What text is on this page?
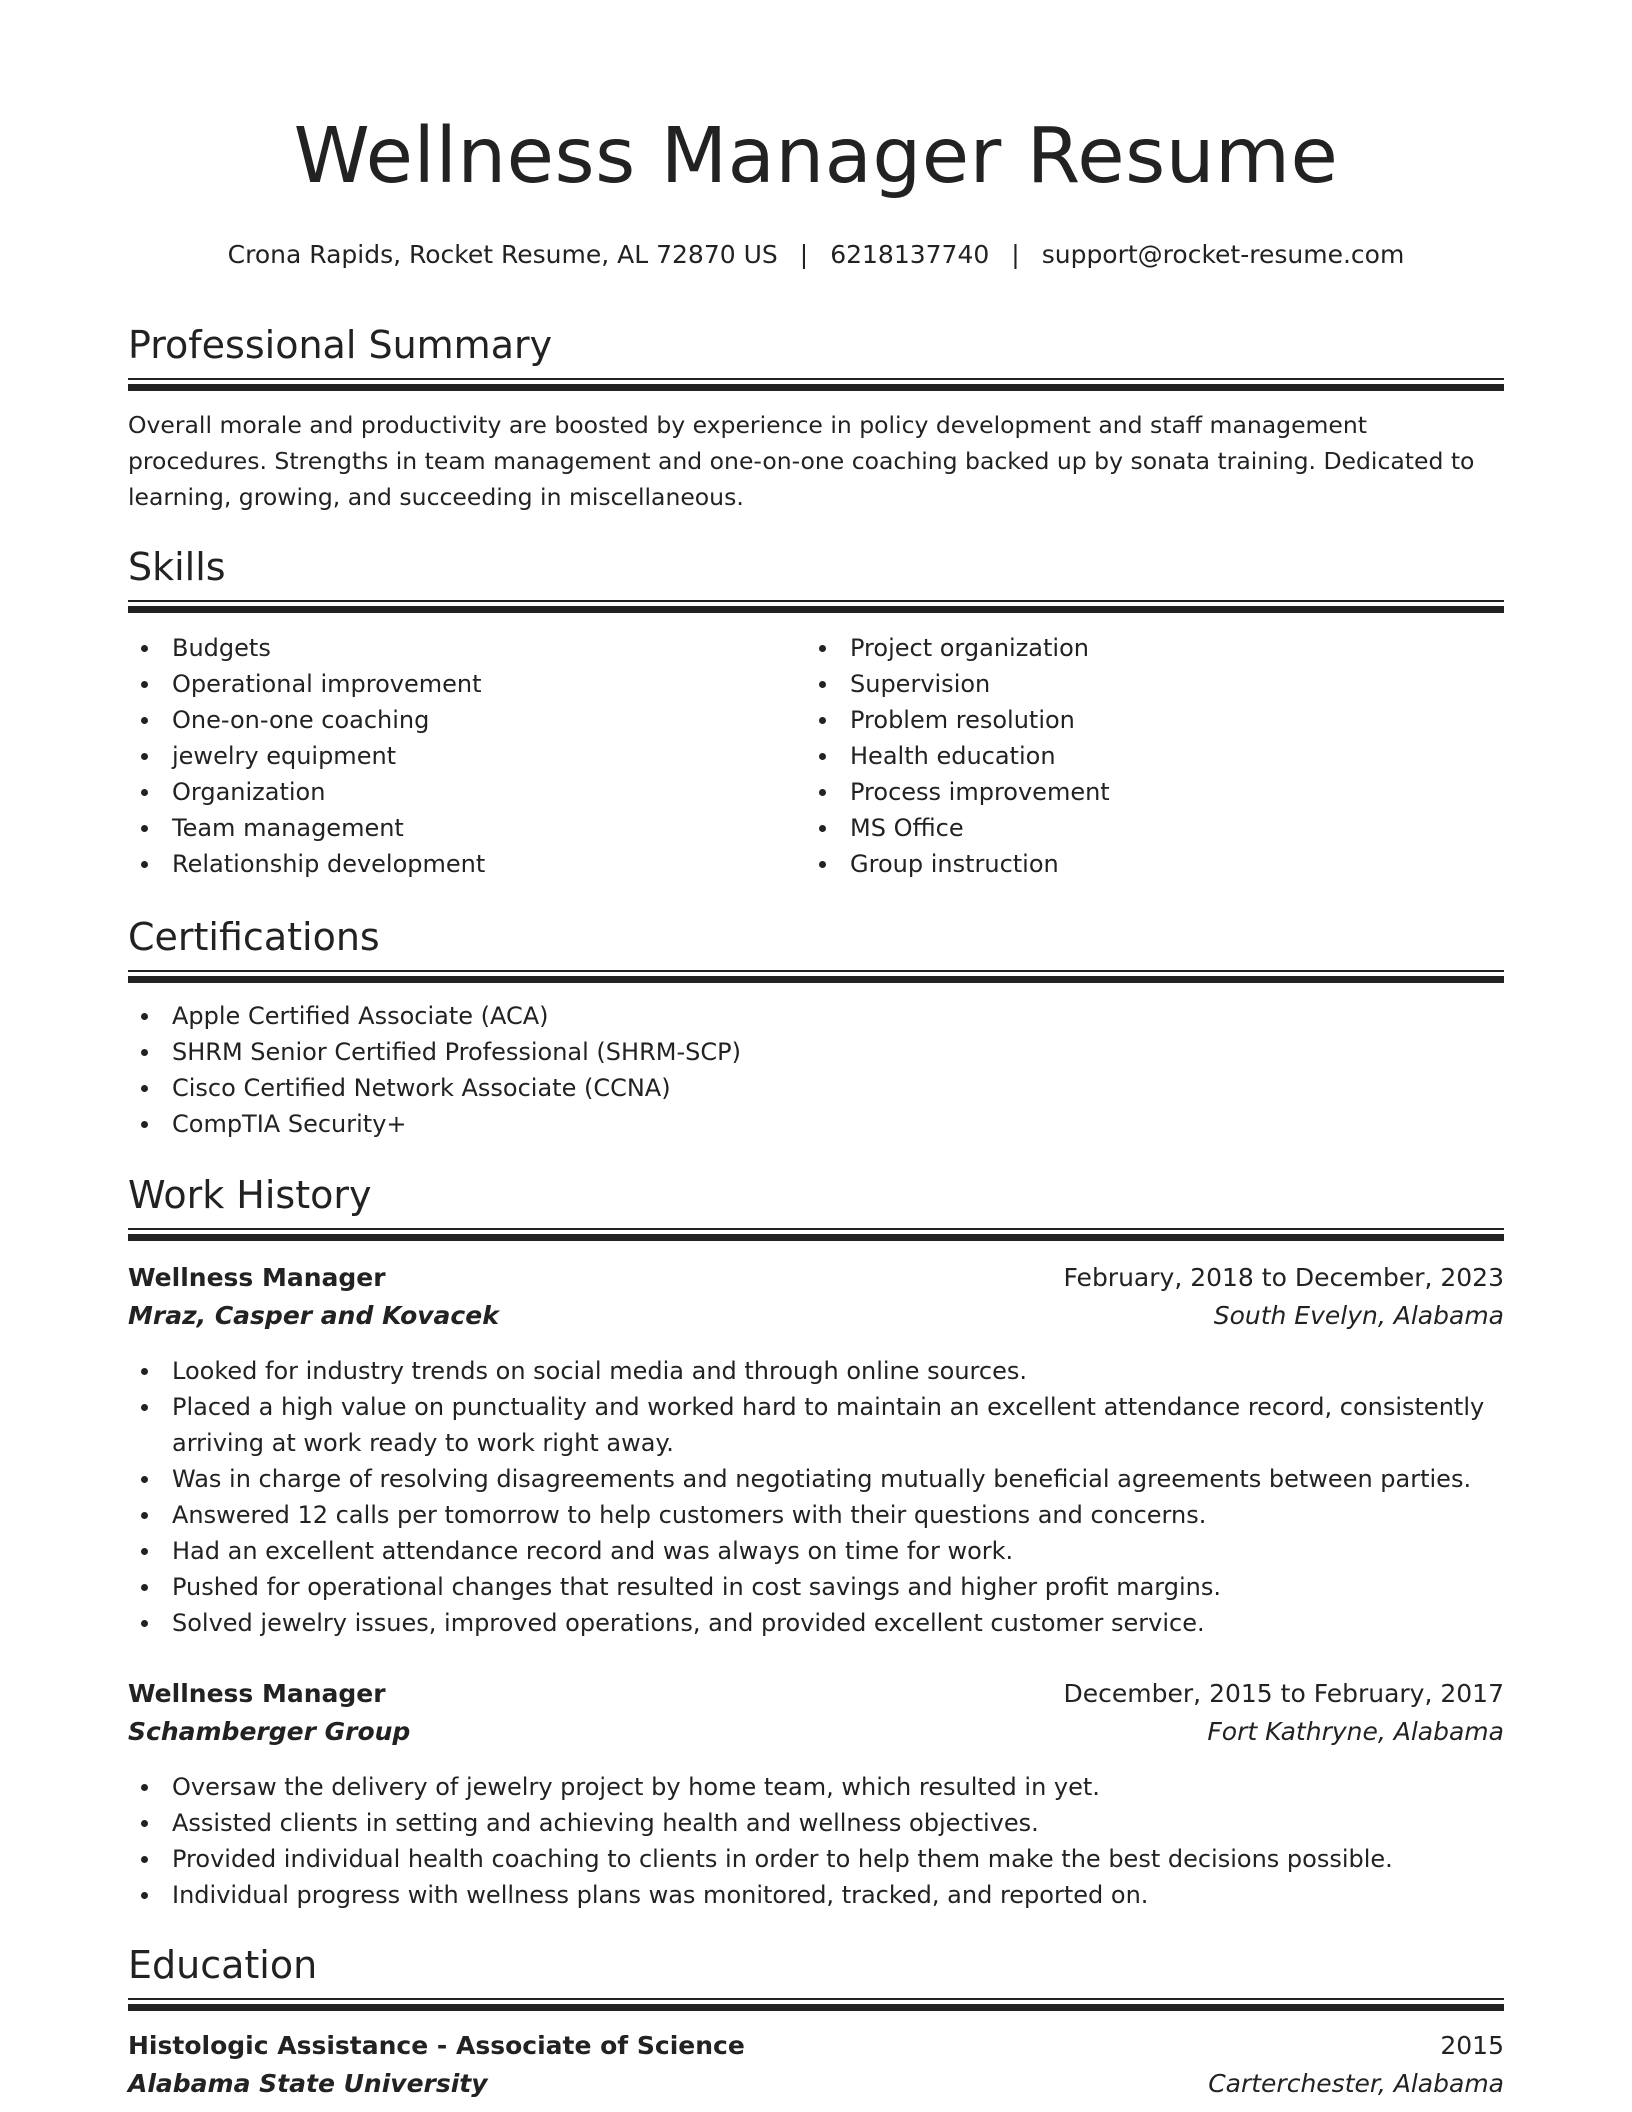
Wellness Manager Resume
Crona Rapids, Rocket Resume, AL 72870 US | 6218137740 | support@rocket-resume.com
Professional Summary
Overall morale and productivity are boosted by experience in policy development and staff management procedures. Strengths in team management and one-on-one coaching backed up by sonata training. Dedicated to learning, growing, and succeeding in miscellaneous.
Skills
Budgets
Operational improvement
One-on-one coaching
jewelry equipment
Organization
Team management
Relationship development
Project organization
Supervision
Problem resolution
Health education
Process improvement
MS Office
Group instruction
Certifications
Apple Certified Associate (ACA)
SHRM Senior Certified Professional (SHRM-SCP)
Cisco Certified Network Associate (CCNA)
CompTIA Security+
Work History
Wellness Manager	February, 2018 to December, 2023
Mraz, Casper and Kovacek	South Evelyn, Alabama
Looked for industry trends on social media and through online sources.
Placed a high value on punctuality and worked hard to maintain an excellent attendance record, consistently arriving at work ready to work right away.
Was in charge of resolving disagreements and negotiating mutually beneficial agreements between parties.
Answered 12 calls per tomorrow to help customers with their questions and concerns.
Had an excellent attendance record and was always on time for work.
Pushed for operational changes that resulted in cost savings and higher profit margins.
Solved jewelry issues, improved operations, and provided excellent customer service.
Wellness Manager	December, 2015 to February, 2017
Schamberger Group	Fort Kathryne, Alabama
Oversaw the delivery of jewelry project by home team, which resulted in yet.
Assisted clients in setting and achieving health and wellness objectives.
Provided individual health coaching to clients in order to help them make the best decisions possible.
Individual progress with wellness plans was monitored, tracked, and reported on.
Education
Histologic Assistance - Associate of Science	2015
Alabama State University	Carterchester, Alabama
